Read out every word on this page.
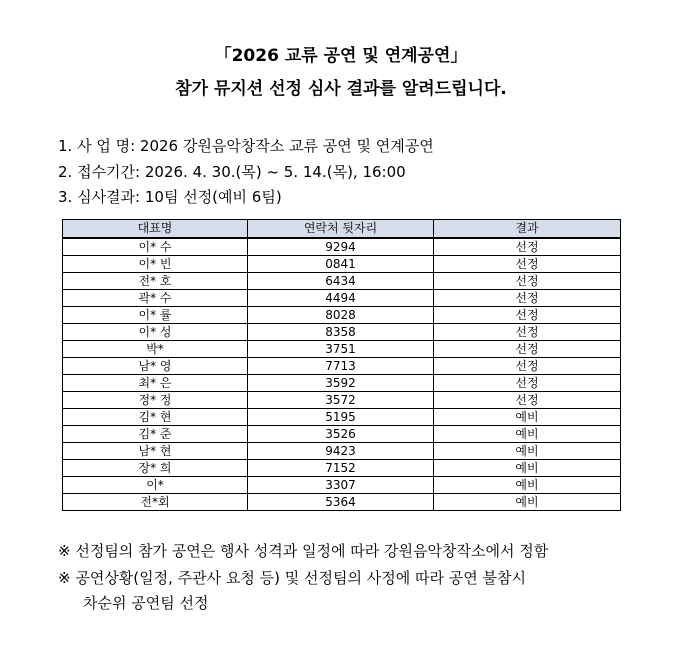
「2026 교류 공연 및 연계공연」
참가 뮤지션 선정 심사 결과를 알려드립니다.
1. 사 업 명: 2026 강원음악창작소 교류 공연 및 연계공연
2. 접수기간: 2026. 4. 30.(목) ~ 5. 14.(목), 16:00
3. 심사결과: 10팀 선정(예비 6팀)
대표명	연락처 뒷자리	결과
이* 수	9294	선정
이* 빈	0841	선정
전* 호	6434	선정
곽* 수	4494	선정
이* 률	8028	선정
이* 성	8358	선정
박*	3751	선정
남* 영	7713	선정
최* 은	3592	선정
정* 정	3572	선정
김* 현	5195	예비
김* 준	3526	예비
남* 현	9423	예비
장* 희	7152	예비
이*	3307	예비
전*회	5364	예비
※ 선정팀의 참가 공연은 행사 성격과 일정에 따라 강원음악창작소에서 정함
※ 공연상황(일정, 주관사 요청 등) 및 선정팀의 사정에 따라 공연 불참시
차순위 공연팀 선정
